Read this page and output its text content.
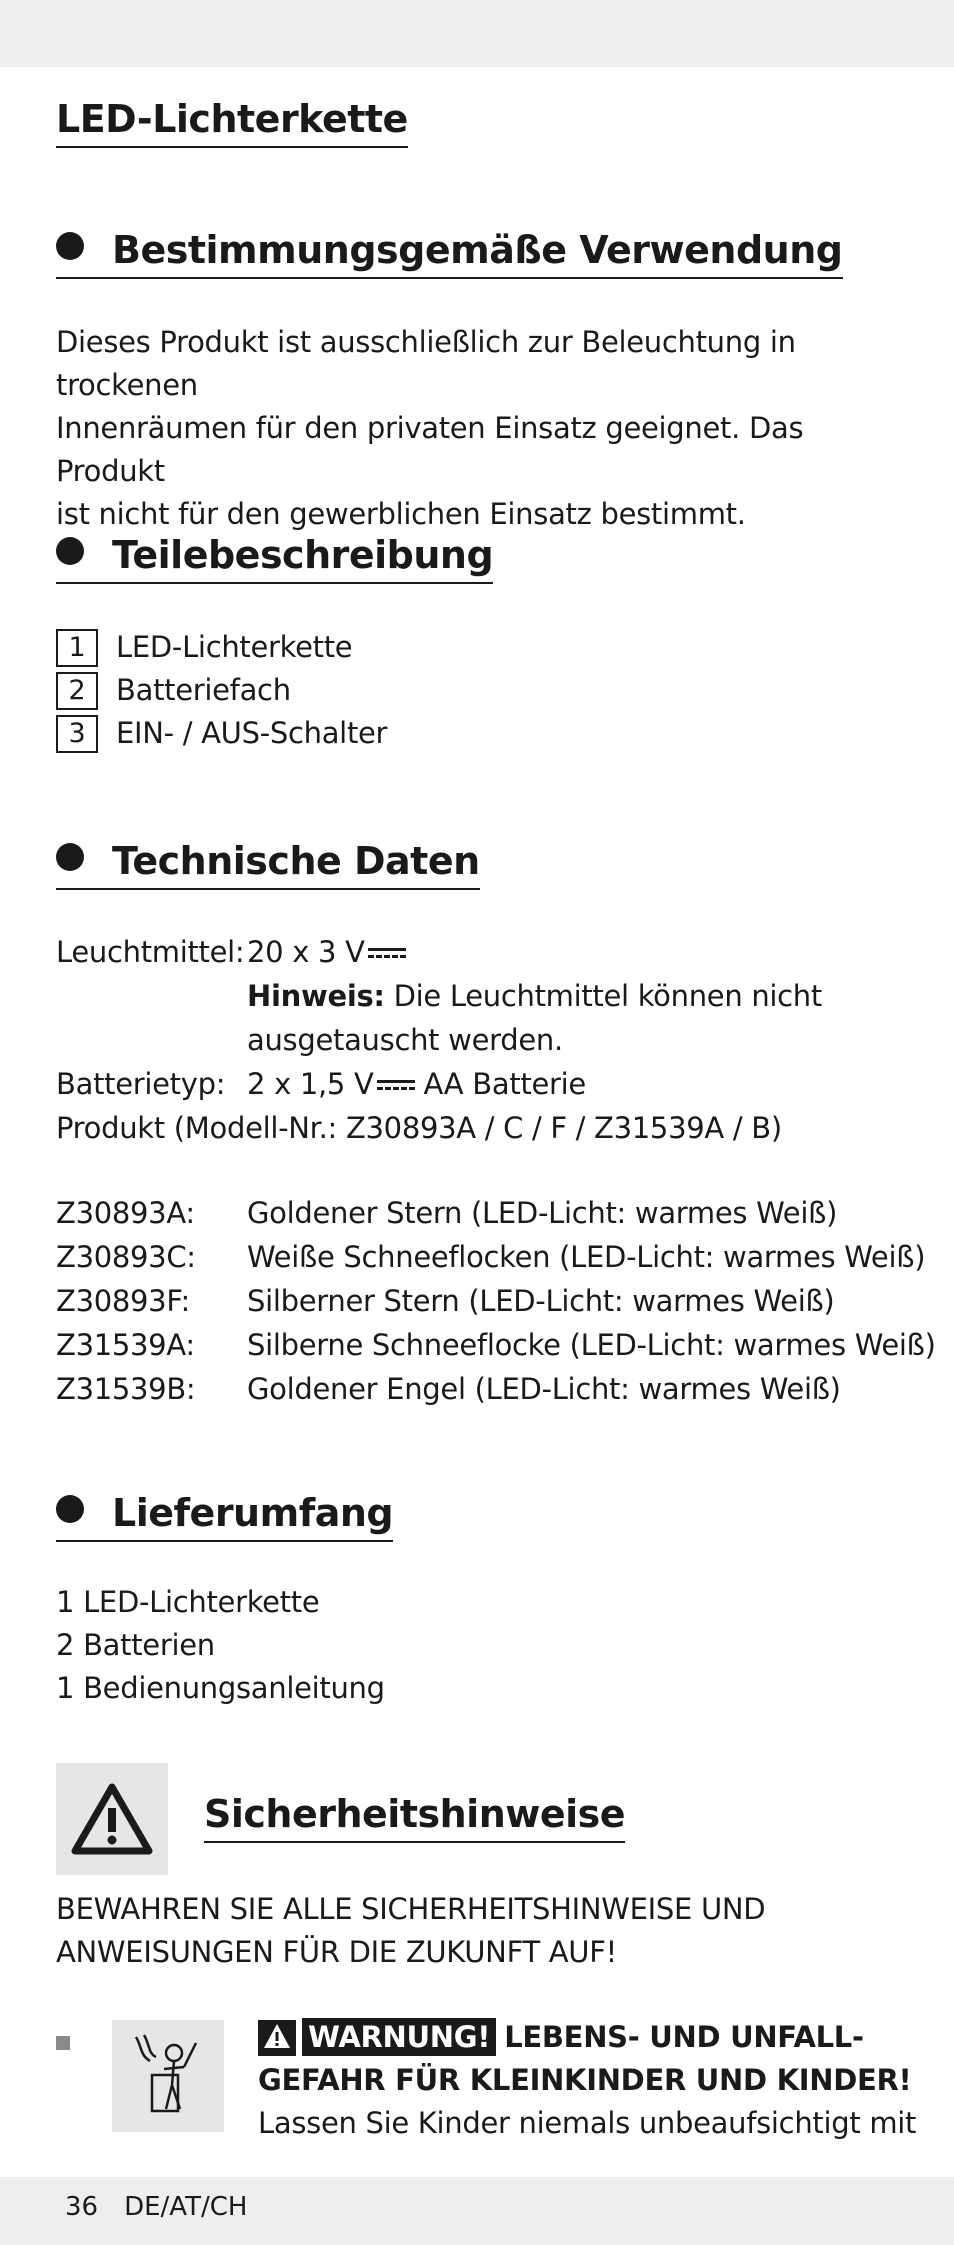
LED-Lichterkette
Bestimmungsgemäße Verwendung
Dieses Produkt ist ausschließlich zur Beleuchtung in trockenen
Innenräumen für den privaten Einsatz geeignet. Das Produkt
ist nicht für den gewerblichen Einsatz bestimmt.
Teilebeschreibung
1	LED-Lichterkette
2	Batteriefach
3	EIN- / AUS-Schalter
Technische Daten
Leuchtmittel: 20 x 3 V
Hinweis: Die Leuchtmittel können nicht
ausgetauscht werden.
Batterietyp: 2 x 1,5 V AA Batterie
Produkt (Modell-Nr.: Z30893A / C / F / Z31539A / B)
Z30893A:	Goldener Stern (LED-Licht: warmes Weiß)
Z30893C:	Weiße Schneeflocken (LED-Licht: warmes Weiß)
Z30893F:	Silberner Stern (LED-Licht: warmes Weiß)
Z31539A:	Silberne Schneeflocke (LED-Licht: warmes Weiß)
Z31539B:	Goldener Engel (LED-Licht: warmes Weiß)
Lieferumfang
1 LED-Lichterkette
2 Batterien
1 Bedienungsanleitung
Sicherheitshinweise
BEWAHREN SIE ALLE SICHERHEITSHINWEISE UND
ANWEISUNGEN FÜR DIE ZUKUNFT AUF!
WARNUNG! LEBENS- UND UNFALL-
GEFAHR FÜR KLEINKINDER UND KINDER!
Lassen Sie Kinder niemals unbeaufsichtigt mit
36 DE/AT/CH
